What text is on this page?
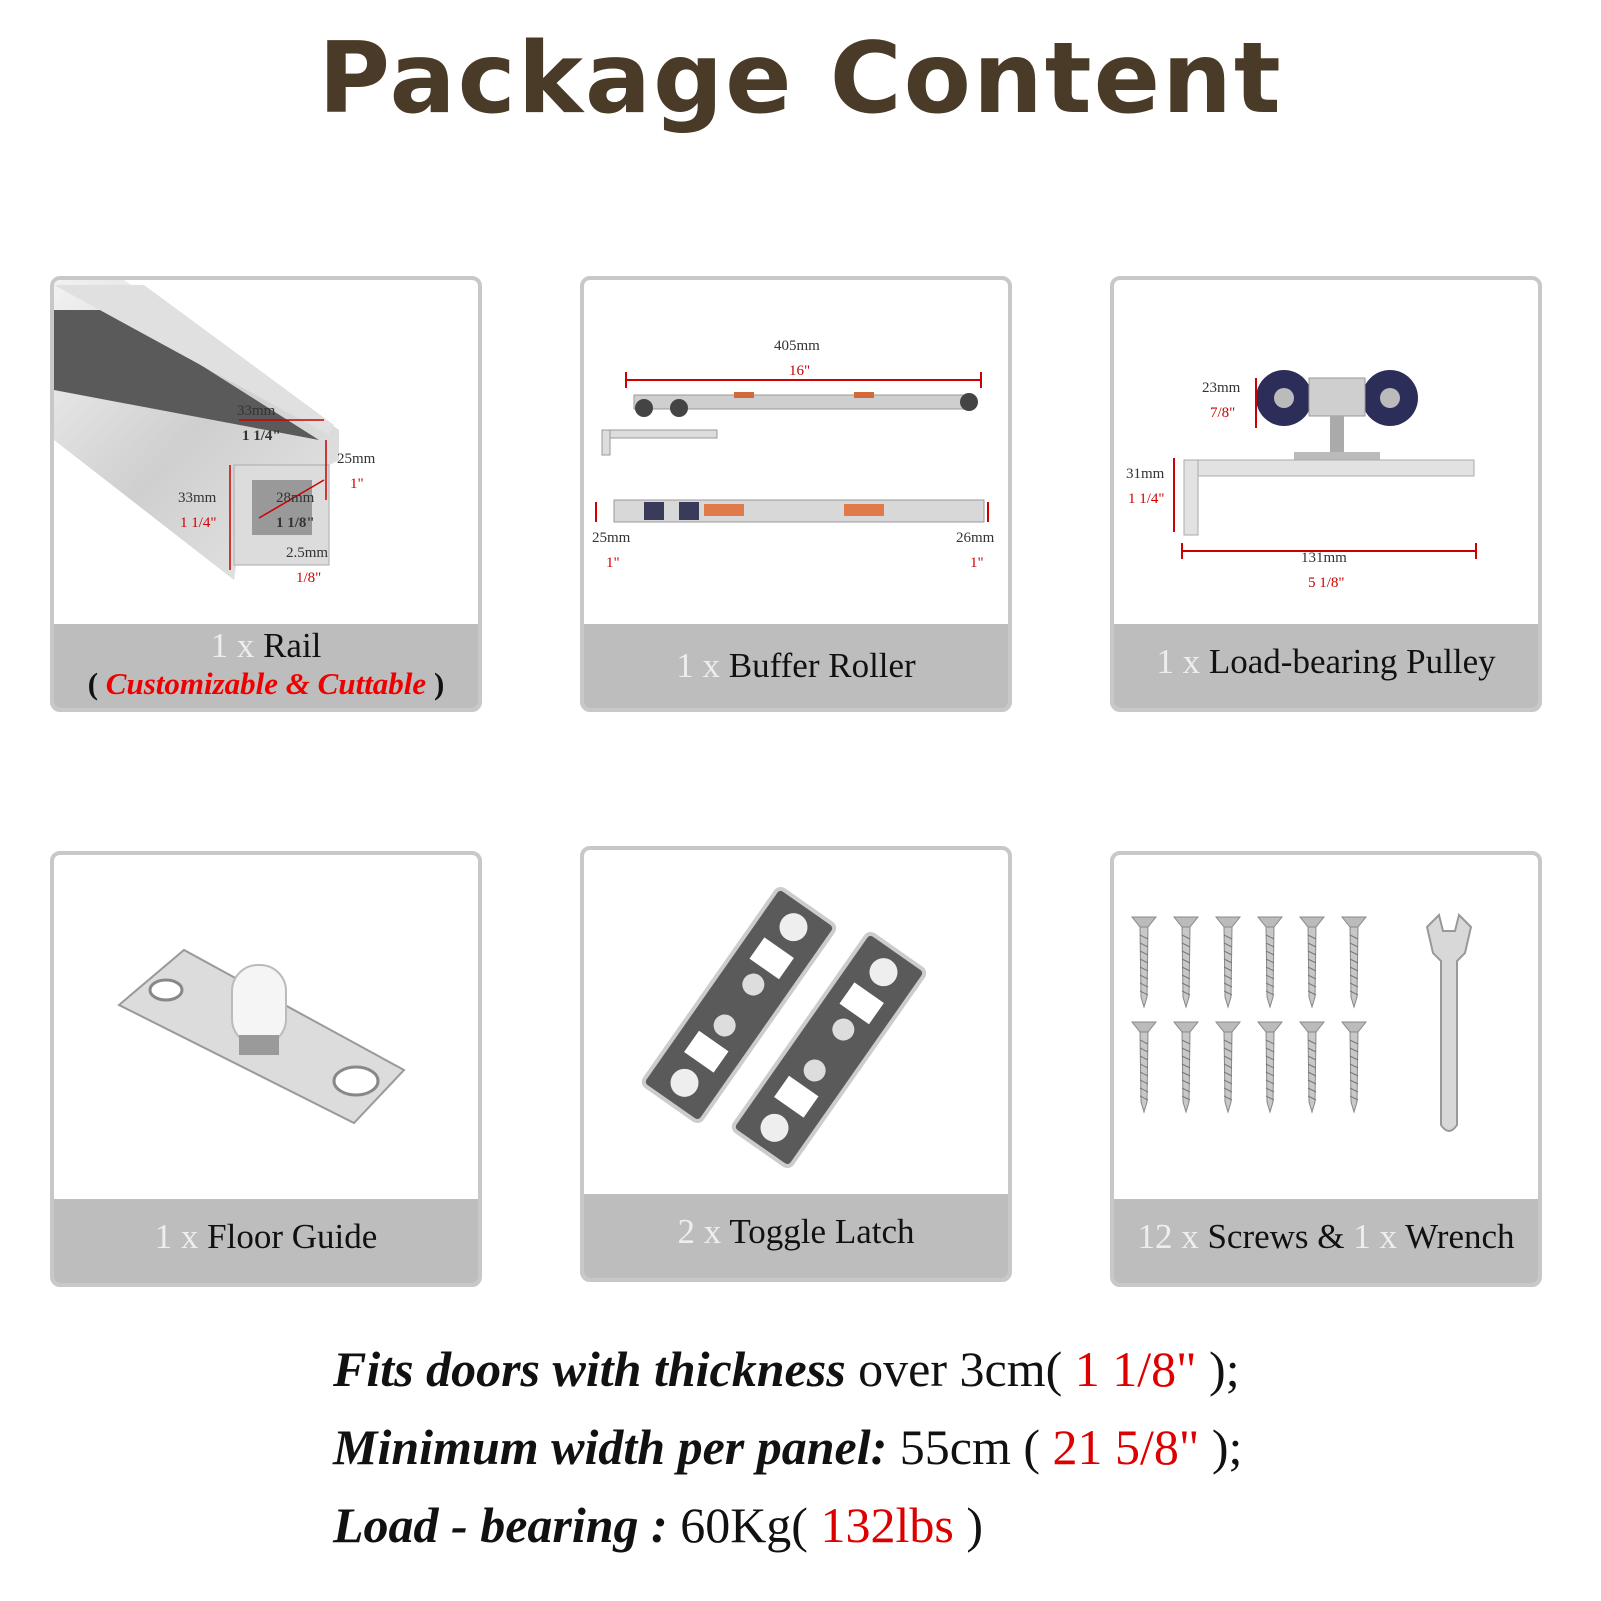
Package Content
33mm
1 1/4"
25mm
1"
33mm
1 1/4"
28mm
1 1/8"
2.5mm
1/8"
1 x Rail
( Customizable & Cuttable )
405mm
16"
25mm
1"
26mm
1"
1 x Buffer Roller
23mm
7/8"
31mm
1 1/4"
131mm
5 1/8"
1 x Load-bearing Pulley
1 x Floor Guide	2 x Toggle Latch	12 x Screws & 1 x Wrench
Fits doors with thickness over 3cm( 1 1/8" );
Minimum width per panel: 55cm ( 21 5/8" );
Load - bearing : 60Kg( 132lbs )
